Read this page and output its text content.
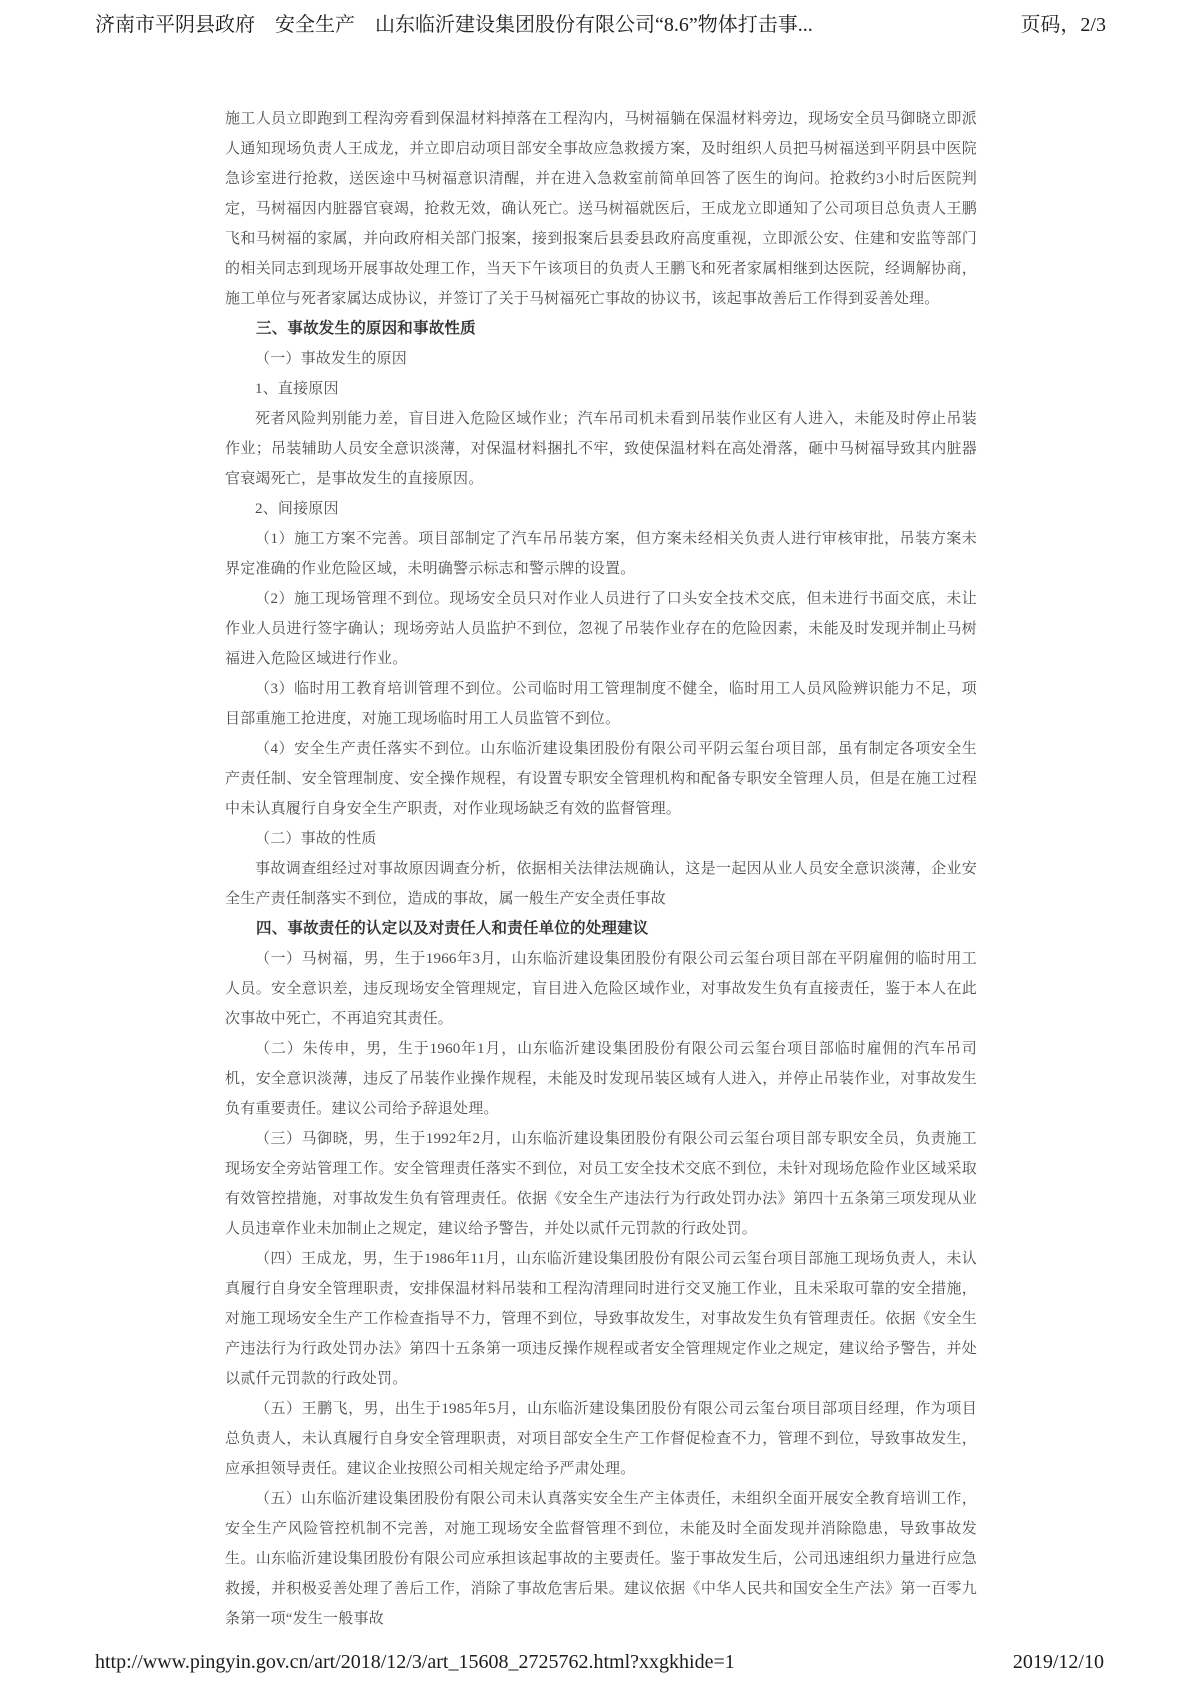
济南市平阴县政府　安全生产　山东临沂建设集团股份有限公司“8.6”物体打击事...	页码，2/3

施工人员立即跑到工程沟旁看到保温材料掉落在工程沟内，马树福躺在保温材料旁边，现场安全员马御晓立即派人通知现场负责人王成龙，并立即启动项目部安全事故应急救援方案，及时组织人员把马树福送到平阴县中医院急诊室进行抢救，送医途中马树福意识清醒，并在进入急救室前简单回答了医生的询问。抢救约3小时后医院判定，马树福因内脏器官衰竭，抢救无效，确认死亡。送马树福就医后，王成龙立即通知了公司项目总负责人王鹏飞和马树福的家属，并向政府相关部门报案，接到报案后县委县政府高度重视，立即派公安、住建和安监等部门的相关同志到现场开展事故处理工作，当天下午该项目的负责人王鹏飞和死者家属相继到达医院，经调解协商，施工单位与死者家属达成协议，并签订了关于马树福死亡事故的协议书，该起事故善后工作得到妥善处理。

三、事故发生的原因和事故性质

（一）事故发生的原因

1、直接原因

死者风险判别能力差，盲目进入危险区域作业；汽车吊司机未看到吊装作业区有人进入，未能及时停止吊装作业；吊装辅助人员安全意识淡薄，对保温材料捆扎不牢，致使保温材料在高处滑落，砸中马树福导致其内脏器官衰竭死亡，是事故发生的直接原因。

2、间接原因

（1）施工方案不完善。项目部制定了汽车吊吊装方案，但方案未经相关负责人进行审核审批，吊装方案未界定准确的作业危险区域，未明确警示标志和警示牌的设置。

（2）施工现场管理不到位。现场安全员只对作业人员进行了口头安全技术交底，但未进行书面交底，未让作业人员进行签字确认；现场旁站人员监护不到位，忽视了吊装作业存在的危险因素，未能及时发现并制止马树福进入危险区域进行作业。

（3）临时用工教育培训管理不到位。公司临时用工管理制度不健全，临时用工人员风险辨识能力不足，项目部重施工抢进度，对施工现场临时用工人员监管不到位。

（4）安全生产责任落实不到位。山东临沂建设集团股份有限公司平阴云玺台项目部，虽有制定各项安全生产责任制、安全管理制度、安全操作规程，有设置专职安全管理机构和配备专职安全管理人员，但是在施工过程中未认真履行自身安全生产职责，对作业现场缺乏有效的监督管理。

（二）事故的性质

事故调查组经过对事故原因调查分析，依据相关法律法规确认，这是一起因从业人员安全意识淡薄，企业安全生产责任制落实不到位，造成的事故，属一般生产安全责任事故

四、事故责任的认定以及对责任人和责任单位的处理建议

（一）马树福，男，生于1966年3月，山东临沂建设集团股份有限公司云玺台项目部在平阴雇佣的临时用工人员。安全意识差，违反现场安全管理规定，盲目进入危险区域作业，对事故发生负有直接责任，鉴于本人在此次事故中死亡，不再追究其责任。

（二）朱传申，男，生于1960年1月，山东临沂建设集团股份有限公司云玺台项目部临时雇佣的汽车吊司机，安全意识淡薄，违反了吊装作业操作规程，未能及时发现吊装区域有人进入，并停止吊装作业，对事故发生负有重要责任。建议公司给予辞退处理。

（三）马御晓，男，生于1992年2月，山东临沂建设集团股份有限公司云玺台项目部专职安全员，负责施工现场安全旁站管理工作。安全管理责任落实不到位，对员工安全技术交底不到位，未针对现场危险作业区域采取有效管控措施，对事故发生负有管理责任。依据《安全生产违法行为行政处罚办法》第四十五条第三项发现从业人员违章作业未加制止之规定，建议给予警告，并处以贰仟元罚款的行政处罚。

（四）王成龙，男，生于1986年11月，山东临沂建设集团股份有限公司云玺台项目部施工现场负责人，未认真履行自身安全管理职责，安排保温材料吊装和工程沟清理同时进行交叉施工作业，且未采取可靠的安全措施，对施工现场安全生产工作检查指导不力，管理不到位，导致事故发生，对事故发生负有管理责任。依据《安全生产违法行为行政处罚办法》第四十五条第一项违反操作规程或者安全管理规定作业之规定，建议给予警告，并处以贰仟元罚款的行政处罚。

（五）王鹏飞，男，出生于1985年5月，山东临沂建设集团股份有限公司云玺台项目部项目经理，作为项目总负责人，未认真履行自身安全管理职责，对项目部安全生产工作督促检查不力，管理不到位，导致事故发生，应承担领导责任。建议企业按照公司相关规定给予严肃处理。

（五）山东临沂建设集团股份有限公司未认真落实安全生产主体责任，未组织全面开展安全教育培训工作，安全生产风险管控机制不完善，对施工现场安全监督管理不到位，未能及时全面发现并消除隐患，导致事故发生。山东临沂建设集团股份有限公司应承担该起事故的主要责任。鉴于事故发生后，公司迅速组织力量进行应急救援，并积极妥善处理了善后工作，消除了事故危害后果。建议依据《中华人民共和国安全生产法》第一百零九条第一项“发生一般事故

http://www.pingyin.gov.cn/art/2018/12/3/art_15608_2725762.html?xxgkhide=1	2019/12/10
